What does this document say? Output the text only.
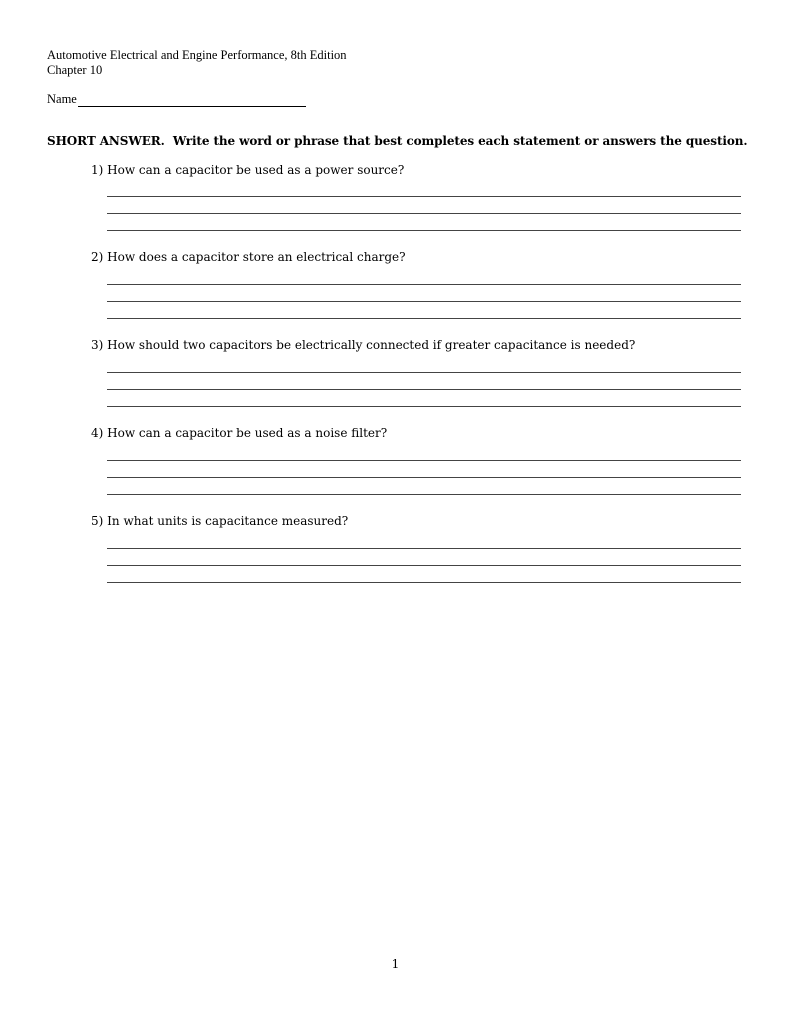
Automotive Electrical and Engine Performance, 8th Edition
Chapter 10
Name
SHORT ANSWER. Write the word or phrase that best completes each statement or answers the question.
1) How can a capacitor be used as a power source?
2) How does a capacitor store an electrical charge?
3) How should two capacitors be electrically connected if greater capacitance is needed?
4) How can a capacitor be used as a noise filter?
5) In what units is capacitance measured?
1
